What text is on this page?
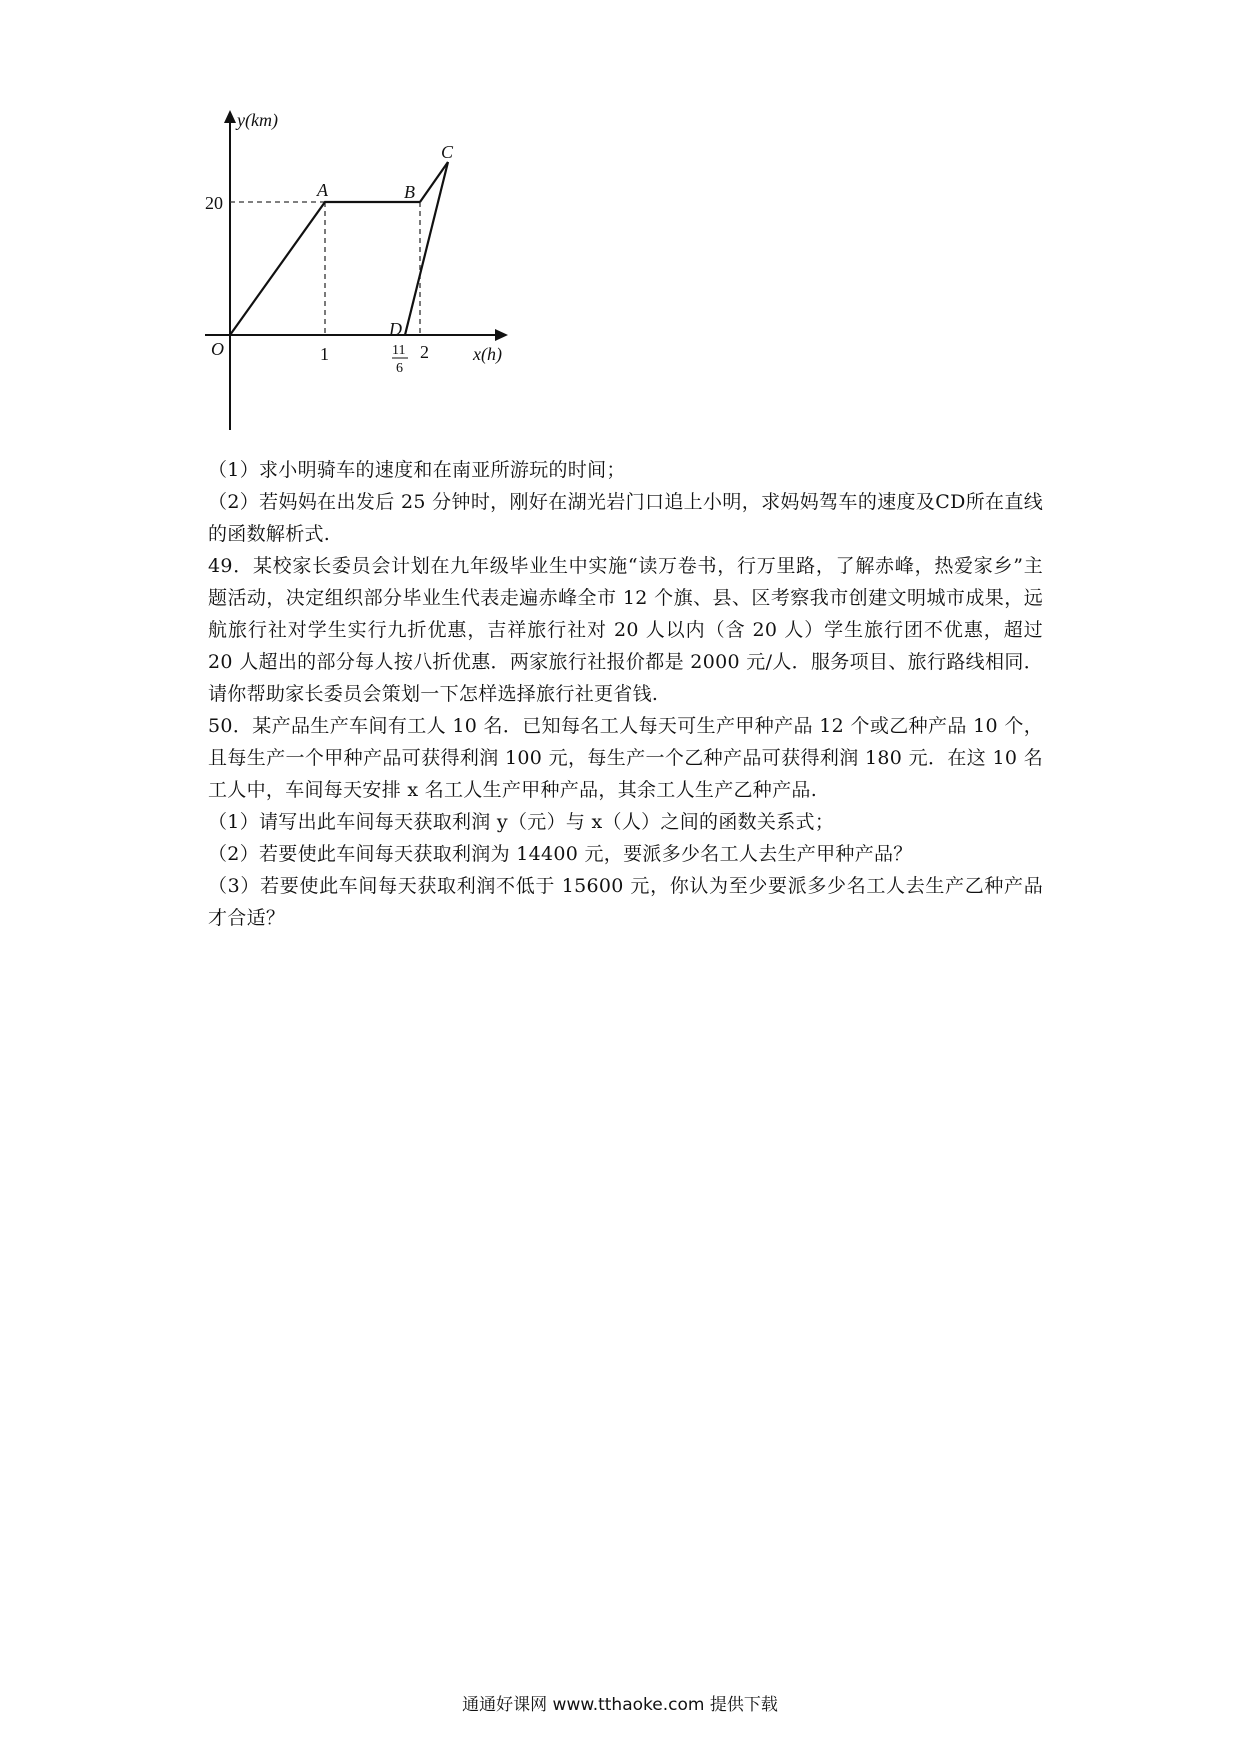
y(km)
x(h)
O
20
1	2
11
6
A	B
C
D

（1）求小明骑车的速度和在南亚所游玩的时间；

（2）若妈妈在出发后 25 分钟时，刚好在湖光岩门口追上小明，求妈妈驾车的速度及CD所在直线的函数解析式.

49．某校家长委员会计划在九年级毕业生中实施“读万卷书，行万里路，了解赤峰，热爱家乡”主题活动，决定组织部分毕业生代表走遍赤峰全市 12 个旗、县、区考察我市创建文明城市成果，远航旅行社对学生实行九折优惠，吉祥旅行社对 20 人以内（含 20 人）学生旅行团不优惠，超过 20 人超出的部分每人按八折优惠．两家旅行社报价都是 2000 元/人．服务项目、旅行路线相同．请你帮助家长委员会策划一下怎样选择旅行社更省钱.

50．某产品生产车间有工人 10 名．已知每名工人每天可生产甲种产品 12 个或乙种产品 10 个，且每生产一个甲种产品可获得利润 100 元，每生产一个乙种产品可获得利润 180 元．在这 10 名工人中，车间每天安排 x 名工人生产甲种产品，其余工人生产乙种产品.

（1）请写出此车间每天获取利润 y（元）与 x（人）之间的函数关系式；

（2）若要使此车间每天获取利润为 14400 元，要派多少名工人去生产甲种产品？

（3）若要使此车间每天获取利润不低于 15600 元，你认为至少要派多少名工人去生产乙种产品才合适？

通通好课网 www.tthaoke.com 提供下载
